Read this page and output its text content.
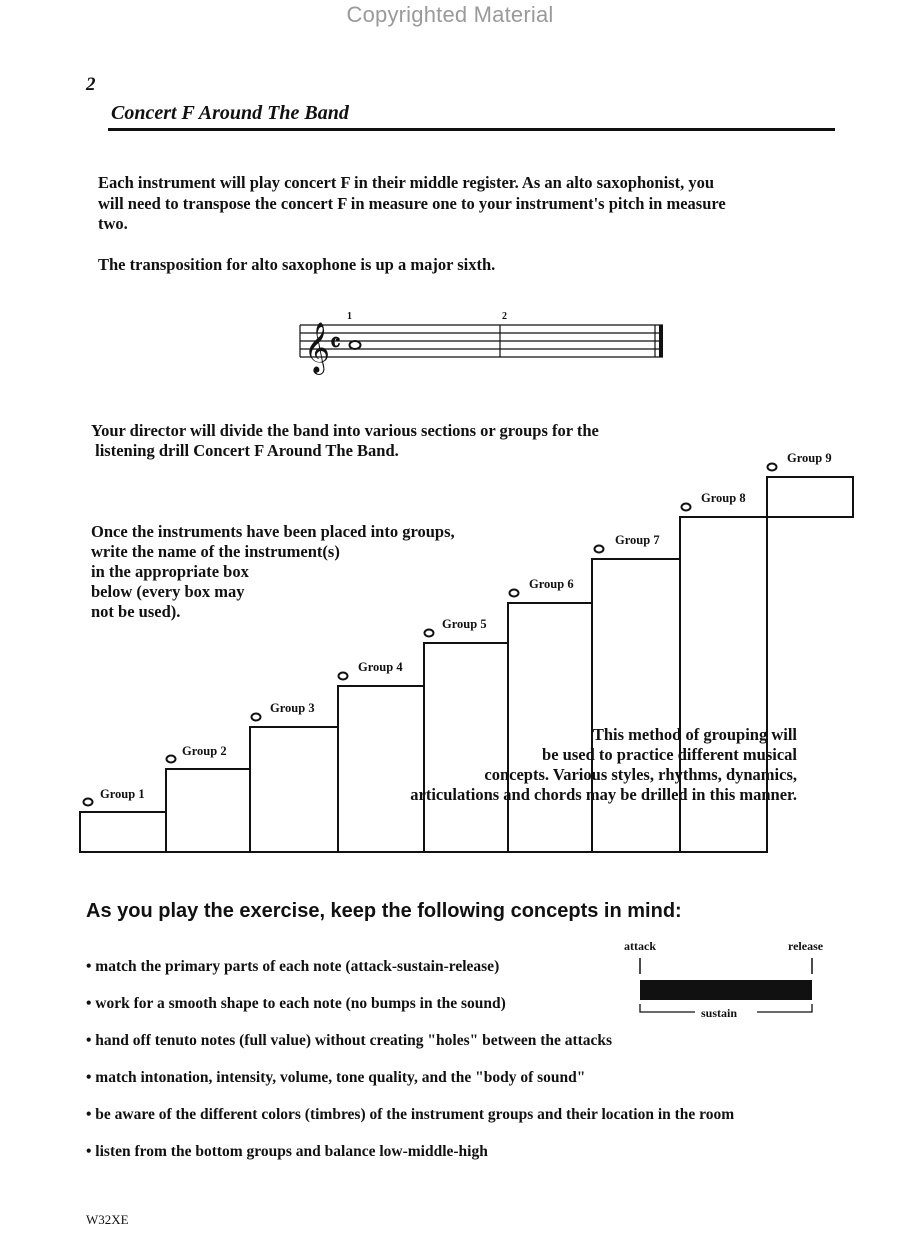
Copyrighted Material
2
Concert F Around The Band
Each instrument will play concert F in their middle register. As an alto saxophonist, you
will need to transpose the concert F in measure one to your instrument's pitch in measure
two.
The transposition for alto saxophone is up a major sixth.
𝄞 𝄴
1	2
Your director will divide the band into various sections or groups for the
listening drill Concert F Around The Band.
Once the instruments have been placed into groups,
write the name of the instrument(s)
in the appropriate box
below (every box may
not be used).
Group 1
Group 2
Group 3
Group 4
Group 5
Group 6
Group 7
Group 8
Group 9
This method of grouping will
be used to practice different musical
concepts. Various styles, rhythms, dynamics,
articulations and chords may be drilled in this manner.
As you play the exercise, keep the following concepts in mind:
• match the primary parts of each note (attack-sustain-release)
• work for a smooth shape to each note (no bumps in the sound)
• hand off tenuto notes (full value) without creating "holes" between the attacks
• match intonation, intensity, volume, tone quality, and the "body of sound"
• be aware of the different colors (timbres) of the instrument groups and their location in the room
• listen from the bottom groups and balance low-middle-high
attack	release
sustain
W32XE
